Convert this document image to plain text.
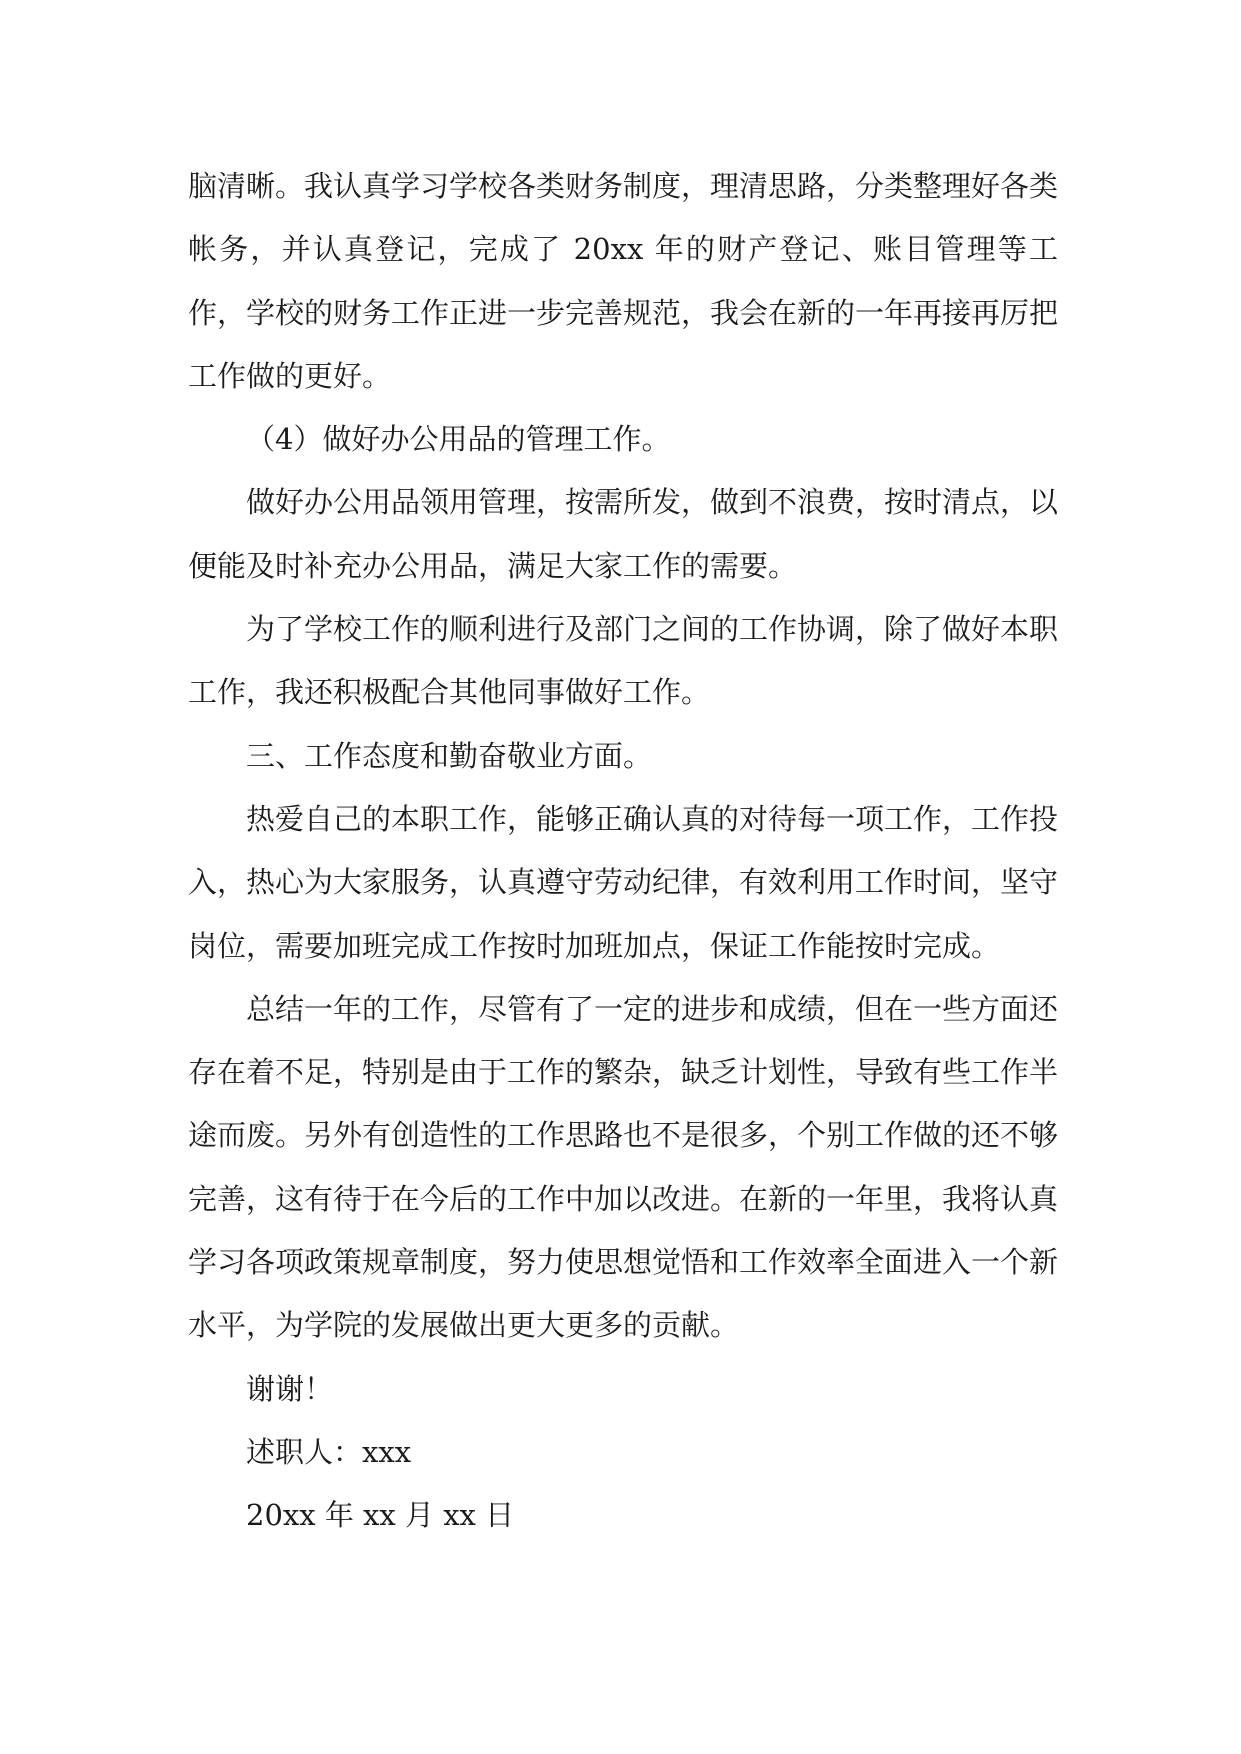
脑清晰。我认真学习学校各类财务制度，理清思路，分类整理好各类帐务，并认真登记，完成了 20xx 年的财产登记、账目管理等工作，学校的财务工作正进一步完善规范，我会在新的一年再接再厉把工作做的更好。

（4）做好办公用品的管理工作。

做好办公用品领用管理，按需所发，做到不浪费，按时清点，以便能及时补充办公用品，满足大家工作的需要。

为了学校工作的顺利进行及部门之间的工作协调，除了做好本职工作，我还积极配合其他同事做好工作。

三、工作态度和勤奋敬业方面。

热爱自己的本职工作，能够正确认真的对待每一项工作，工作投入，热心为大家服务，认真遵守劳动纪律，有效利用工作时间，坚守岗位，需要加班完成工作按时加班加点，保证工作能按时完成。

总结一年的工作，尽管有了一定的进步和成绩，但在一些方面还存在着不足，特别是由于工作的繁杂，缺乏计划性，导致有些工作半途而废。另外有创造性的工作思路也不是很多，个别工作做的还不够完善，这有待于在今后的工作中加以改进。在新的一年里，我将认真学习各项政策规章制度，努力使思想觉悟和工作效率全面进入一个新水平，为学院的发展做出更大更多的贡献。

谢谢！

述职人：xxx

20xx 年 xx 月 xx 日
